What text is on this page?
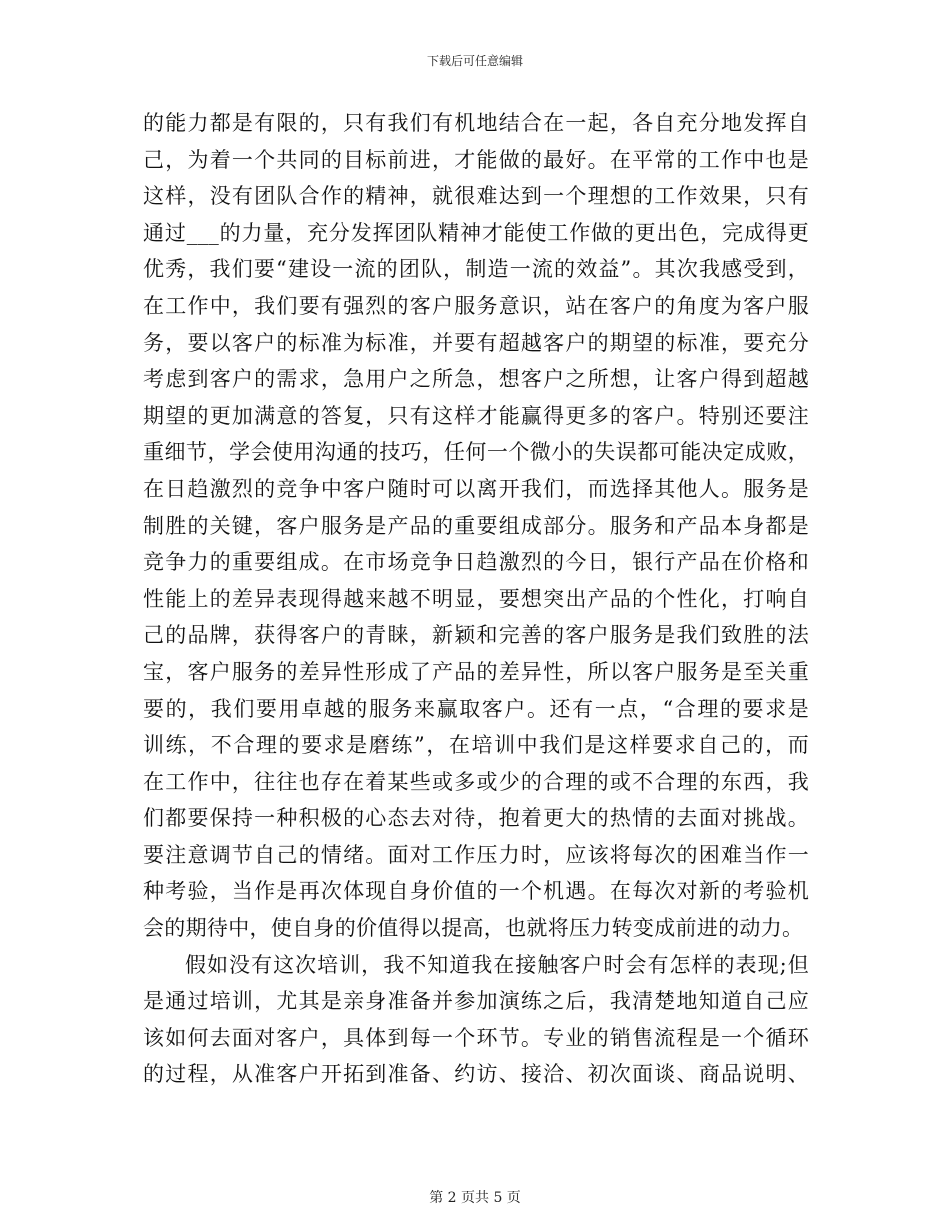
下载后可任意编辑
的能力都是有限的，只有我们有机地结合在一起，各自充分地发挥自
己，为着一个共同的目标前进，才能做的最好。在平常的工作中也是
这样，没有团队合作的精神，就很难达到一个理想的工作效果，只有
通过___的力量，充分发挥团队精神才能使工作做的更出色，完成得更
优秀，我们要“建设一流的团队，制造一流的效益”。其次我感受到，
在工作中，我们要有强烈的客户服务意识，站在客户的角度为客户服
务，要以客户的标准为标准，并要有超越客户的期望的标准，要充分
考虑到客户的需求，急用户之所急，想客户之所想，让客户得到超越
期望的更加满意的答复，只有这样才能赢得更多的客户。特别还要注
重细节，学会使用沟通的技巧，任何一个微小的失误都可能决定成败，
在日趋激烈的竞争中客户随时可以离开我们，而选择其他人。服务是
制胜的关键，客户服务是产品的重要组成部分。服务和产品本身都是
竞争力的重要组成。在市场竞争日趋激烈的今日，银行产品在价格和
性能上的差异表现得越来越不明显，要想突出产品的个性化，打响自
己的品牌，获得客户的青睐，新颖和完善的客户服务是我们致胜的法
宝，客户服务的差异性形成了产品的差异性，所以客户服务是至关重
要的，我们要用卓越的服务来赢取客户。还有一点，“合理的要求是
训练，不合理的要求是磨练”，在培训中我们是这样要求自己的，而
在工作中，往往也存在着某些或多或少的合理的或不合理的东西，我
们都要保持一种积极的心态去对待，抱着更大的热情的去面对挑战。
要注意调节自己的情绪。面对工作压力时，应该将每次的困难当作一
种考验，当作是再次体现自身价值的一个机遇。在每次对新的考验机
会的期待中，使自身的价值得以提高，也就将压力转变成前进的动力。
假如没有这次培训，我不知道我在接触客户时会有怎样的表现;但
是通过培训，尤其是亲身准备并参加演练之后，我清楚地知道自己应
该如何去面对客户，具体到每一个环节。专业的销售流程是一个循环
的过程，从准客户开拓到准备、约访、接洽、初次面谈、商品说明、
第 2 页共 5 页
